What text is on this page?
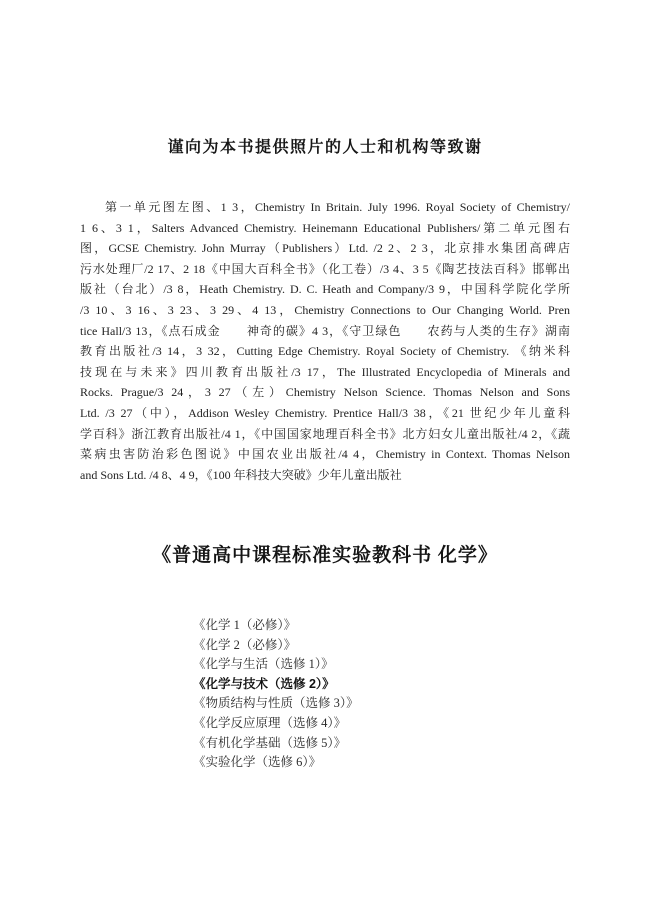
谨向为本书提供照片的人士和机构等致谢
第一单元图左图、1 3，Chemistry In Britain. July 1996. Royal Society of Chemistry/
1 6、3 1，Salters Advanced Chemistry. Heinemann Educational Publishers/第二单元图右
图，GCSE Chemistry. John Murray（Publishers）Ltd. /2 2、2 3，北京排水集团高碑店
污水处理厂/2 17、2 18《中国大百科全书》（化工卷）/3 4、3 5《陶艺技法百科》邯郸出
版社（台北）/3 8，Heath Chemistry. D. C. Heath and Company/3 9，中国科学院化学所
/3 10、3 16、3 23、3 29、4 13，Chemistry Connections to Our Changing World. Pren
tice Hall/3 13，《点石成金　　神奇的碳》4 3，《守卫绿色　　农药与人类的生存》湖南
教育出版社/3 14，3 32，Cutting Edge Chemistry. Royal Society of Chemistry. 《纳米科
技现在与未来》四川教育出版社/3 17，The Illustrated Encyclopedia of Minerals and
Rocks. Prague/3 24，3 27（左）Chemistry Nelson Science. Thomas Nelson and Sons
Ltd. /3 27（中），Addison Wesley Chemistry. Prentice Hall/3 38，《21 世纪少年儿童科
学百科》浙江教育出版社/4 1，《中国国家地理百科全书》北方妇女儿童出版社/4 2，《蔬
菜病虫害防治彩色图说》中国农业出版社/4 4，Chemistry in Context. Thomas Nelson
and Sons Ltd. /4 8、4 9，《100 年科技大突破》少年儿童出版社
《普通高中课程标准实验教科书 化学》
《化学 1（必修）》
《化学 2（必修）》
《化学与生活（选修 1）》
《化学与技术（选修 2）》
《物质结构与性质（选修 3）》
《化学反应原理（选修 4）》
《有机化学基础（选修 5）》
《实验化学（选修 6）》
